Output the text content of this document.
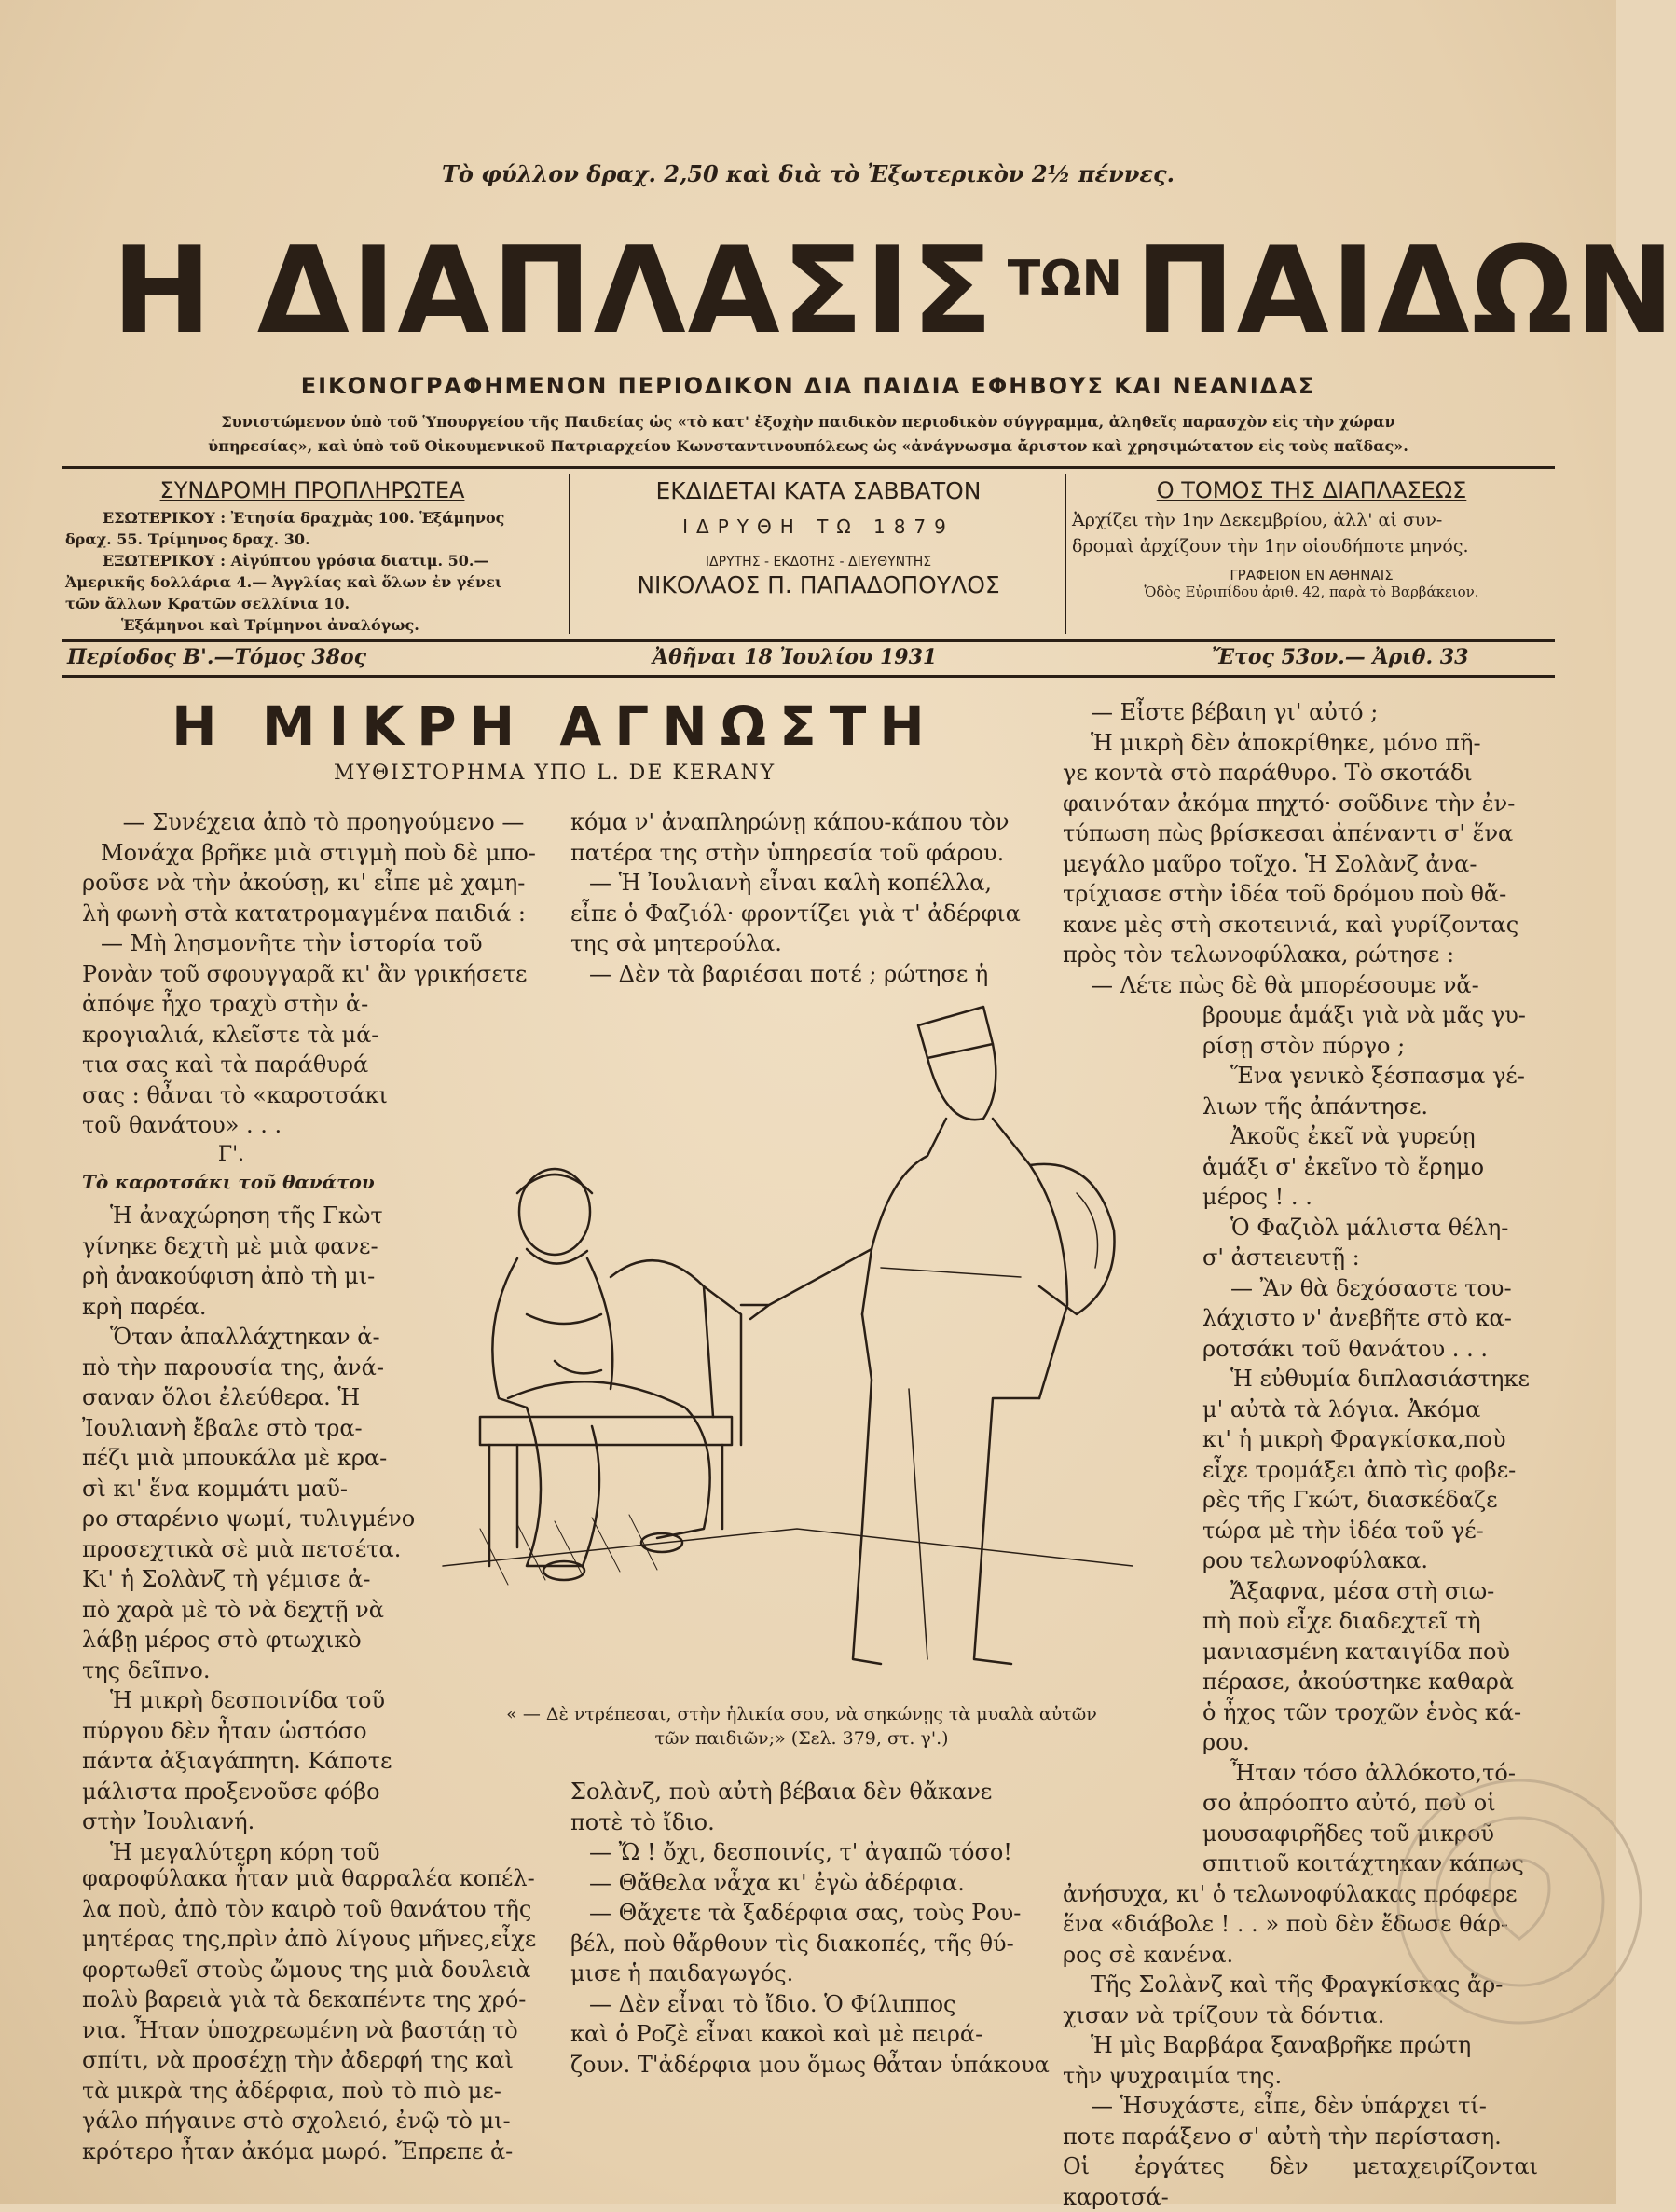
Τὸ φύλλον δραχ. 2,50 καὶ διὰ τὸ Ἐξωτερικὸν 2½ πέννες.
Η ΔΙΑΠΛΑΣΙΣ ΤΩΝ ΠΑΙΔΩΝ
ΕΙΚΟΝΟΓΡΑΦΗΜΕΝΟΝ ΠΕΡΙΟΔΙΚΟΝ ΔΙΑ ΠΑΙΔΙΑ ΕΦΗΒΟΥΣ ΚΑΙ ΝΕΑΝΙΔΑΣ
Συνιστώμενον ὑπὸ τοῦ Ὑπουργείου τῆς Παιδείας ὡς «τὸ κατ' ἐξοχὴν παιδικὸν περιοδικὸν σύγγραμμα, ἀληθεῖς παρασχὸν εἰς τὴν χώραν
ὑπηρεσίας», καὶ ὑπὸ τοῦ Οἰκουμενικοῦ Πατριαρχείου Κωνσταντινουπόλεως ὡς «ἀνάγνωσμα ἄριστον καὶ χρησιμώτατον εἰς τοὺς παῖδας».
ΣΥΝΔΡΟΜΗ ΠΡΟΠΛΗΡΩΤΕΑ
ΕΣΩΤΕΡΙΚΟΥ : Ἐτησία δραχμὰς 100. Ἑξάμηνος
δραχ. 55. Τρίμηνος δραχ. 30.
ΕΞΩΤΕΡΙΚΟΥ : Αἰγύπτου γρόσια διατιμ. 50.—
Ἀμερικῆς δολλάρια 4.— Ἀγγλίας καὶ ὅλων ἐν γένει
τῶν ἄλλων Κρατῶν σελλίνια 10.
Ἑξάμηνοι καὶ Τρίμηνοι ἀναλόγως.
ΕΚΔΙΔΕΤΑΙ ΚΑΤΑ ΣΑΒΒΑΤΟΝ
ΙΔΡΥΘΗ ΤΩ 1879
ΙΔΡΥΤΗΣ - ΕΚΔΟΤΗΣ - ΔΙΕΥΘΥΝΤΗΣ
ΝΙΚΟΛΑΟΣ Π. ΠΑΠΑΔΟΠΟΥΛΟΣ
Ο ΤΟΜΟΣ ΤΗΣ ΔΙΑΠΛΑΣΕΩΣ
Ἀρχίζει τὴν 1ην Δεκεμβρίου, ἀλλ' αἱ συν-
δρομαὶ ἀρχίζουν τὴν 1ην οἱουδήποτε μηνός.
ΓΡΑΦΕΙΟΝ ΕΝ ΑΘΗΝΑΙΣ
Ὁδὸς Εὐριπίδου ἀριθ. 42, παρὰ τὸ Βαρβάκειον.
Περίοδος Β'.—Τόμος 38ος	Ἀθῆναι 18 Ἰουλίου 1931	Ἔτος 53ον.— Ἀριθ. 33
Η ΜΙΚΡΗ ΑΓΝΩΣΤΗ
ΜΥΘΙΣΤΟΡΗΜΑ ΥΠΟ L. DE KERANY

— Συνέχεια ἀπὸ τὸ προηγούμενο —

Μονάχα βρῆκε μιὰ στιγμὴ ποὺ δὲ μπο-

ροῦσε νὰ τὴν ἀκούσῃ, κι' εἶπε μὲ χαμη-

λὴ φωνὴ στὰ κατατρομαγμένα παιδιά :

— Μὴ λησμονῆτε τὴν ἱστορία τοῦ

Ρονὰν τοῦ σφουγγαρᾶ κι' ἂν γρικήσετε

ἀπόψε ἦχο τραχὺ στὴν ἀ-

κρογιαλιά, κλεῖστε τὰ μά-

τια σας καὶ τὰ παράθυρά

σας : θἆναι τὸ «καροτσάκι

τοῦ θανάτου» . . .

Γ'.
Τὸ καροτσάκι τοῦ θανάτου

Ἡ ἀναχώρηση τῆς Γκὼτ

γίνηκε δεχτὴ μὲ μιὰ φανε-

ρὴ ἀνακούφιση ἀπὸ τὴ μι-

κρὴ παρέα.

Ὅταν ἀπαλλάχτηκαν ἀ-

πὸ τὴν παρουσία της, ἀνά-

σαναν ὅλοι ἐλεύθερα. Ἡ

Ἰουλιανὴ ἔβαλε στὸ τρα-

πέζι μιὰ μπουκάλα μὲ κρα-

σὶ κι' ἕνα κομμάτι μαῦ-

ρο σταρένιο ψωμί, τυλιγμένο

προσεχτικὰ σὲ μιὰ πετσέτα.

Κι' ἡ Σολὰνζ τὴ γέμισε ἀ-

πὸ χαρὰ μὲ τὸ νὰ δεχτῇ νὰ

λάβῃ μέρος στὸ φτωχικὸ

της δεῖπνο.

Ἡ μικρὴ δεσποινίδα τοῦ

πύργου δὲν ἦταν ὡστόσο

πάντα ἀξιαγάπητη. Κάποτε

μάλιστα προξενοῦσε φόβο

στὴν Ἰουλιανή.

Ἡ μεγαλύτερη κόρη τοῦ

φαροφύλακα ἦταν μιὰ θαρραλέα κοπέλ-

λα ποὺ, ἀπὸ τὸν καιρὸ τοῦ θανάτου τῆς

μητέρας της,πρὶν ἀπὸ λίγους μῆνες,εἶχε

φορτωθεῖ στοὺς ὤμους της μιὰ δουλειὰ

πολὺ βαρειὰ γιὰ τὰ δεκαπέντε της χρό-

νια. Ἦταν ὑποχρεωμένη νὰ βαστάῃ τὸ

σπίτι, νὰ προσέχῃ τὴν ἀδερφή της καὶ

τὰ μικρὰ της ἀδέρφια, ποὺ τὸ πιὸ με-

γάλο πήγαινε στὸ σχολειό, ἐνῷ τὸ μι-

κρότερο ἦταν ἀκόμα μωρό. Ἔπρεπε ἀ-

κόμα ν' ἀναπληρώνῃ κάπου-κάπου τὸν

πατέρα της στὴν ὑπηρεσία τοῦ φάρου.

— Ἡ Ἰουλιανὴ εἶναι καλὴ κοπέλλα,

εἶπε ὁ Φαζιόλ· φροντίζει γιὰ τ' ἀδέρφια

της σὰ μητερούλα.

— Δὲν τὰ βαριέσαι ποτέ ; ρώτησε ἡ

« — Δὲ ντρέπεσαι, στὴν ἡλικία σου, νὰ σηκώνῃς τὰ μυαλὰ αὐτῶν
τῶν παιδιῶν;» (Σελ. 379, στ. γ'.)

Σολὰνζ, ποὺ αὐτὴ βέβαια δὲν θἄκανε

ποτὲ τὸ ἴδιο.

— Ὤ ! ὄχι, δεσποινίς, τ' ἀγαπῶ τόσο!

— Θἄθελα νἆχα κι' ἐγὼ ἀδέρφια.

— Θἄχετε τὰ ξαδέρφια σας, τοὺς Ρου-

βέλ, ποὺ θἄρθουν τὶς διακοπές, τῆς θύ-

μισε ἡ παιδαγωγός.

— Δὲν εἶναι τὸ ἴδιο. Ὁ Φίλιππος

καὶ ὁ Ροζὲ εἶναι κακοὶ καὶ μὲ πειρά-

ζουν. Τ'ἀδέρφια μου ὅμως θἆταν ὑπάκουα

— Εἶστε βέβαιη γι' αὐτό ;

Ἡ μικρὴ δὲν ἀποκρίθηκε, μόνο πῆ-

γε κοντὰ στὸ παράθυρο. Τὸ σκοτάδι

φαινόταν ἀκόμα πηχτό· σοῦδινε τὴν ἐν-

τύπωση πὼς βρίσκεσαι ἀπέναντι σ' ἕνα

μεγάλο μαῦρο τοῖχο. Ἡ Σολὰνζ ἀνα-

τρίχιασε στὴν ἰδέα τοῦ δρόμου ποὺ θἄ-

κανε μὲς στὴ σκοτεινιά, καὶ γυρίζοντας

πρὸς τὸν τελωνοφύλακα, ρώτησε :

— Λέτε πὼς δὲ θὰ μπορέσουμε νἄ-

βρουμε ἁμάξι γιὰ νὰ μᾶς γυ-

ρίσῃ στὸν πύργο ;

Ἕνα γενικὸ ξέσπασμα γέ-

λιων τῆς ἀπάντησε.

Ἀκοῦς ἐκεῖ νὰ γυρεύῃ

ἁμάξι σ' ἐκεῖνο τὸ ἔρημο

μέρος ! . .

Ὁ Φαζιὸλ μάλιστα θέλη-

σ' ἀστειευτῇ :

— Ἂν θὰ δεχόσαστε του-

λάχιστο ν' ἀνεβῆτε στὸ κα-

ροτσάκι τοῦ θανάτου . . .

Ἡ εὐθυμία διπλασιάστηκε

μ' αὐτὰ τὰ λόγια. Ἀκόμα

κι' ἡ μικρὴ Φραγκίσκα,ποὺ

εἶχε τρομάξει ἀπὸ τὶς φοβε-

ρὲς τῆς Γκώτ, διασκέδαζε

τώρα μὲ τὴν ἰδέα τοῦ γέ-

ρου τελωνοφύλακα.

Ἄξαφνα, μέσα στὴ σιω-

πὴ ποὺ εἶχε διαδεχτεῖ τὴ

μανιασμένη καταιγίδα ποὺ

πέρασε, ἀκούστηκε καθαρὰ

ὁ ἦχος τῶν τροχῶν ἑνὸς κά-

ρου.

Ἦταν τόσο ἀλλόκοτο,τό-

σο ἀπρόοπτο αὐτό, ποὺ οἱ

μουσαφιρῆδες τοῦ μικροῦ

σπιτιοῦ κοιτάχτηκαν κάπως

ἀνήσυχα, κι' ὁ τελωνοφύλακας πρόφερε

ἕνα «διάβολε ! . . » ποὺ δὲν ἔδωσε θάρ-

ρος σὲ κανένα.

Τῆς Σολὰνζ καὶ τῆς Φραγκίσκας ἄρ-

χισαν νὰ τρίζουν τὰ δόντια.

Ἡ μὶς Βαρβάρα ξαναβρῆκε πρώτη

τὴν ψυχραιμία της.

— Ἡσυχάστε, εἶπε, δὲν ὑπάρχει τί-

ποτε παράξενο σ' αὐτὴ τὴν περίσταση.

Οἱ ἐργάτες δὲν μεταχειρίζονται καροτσά-
